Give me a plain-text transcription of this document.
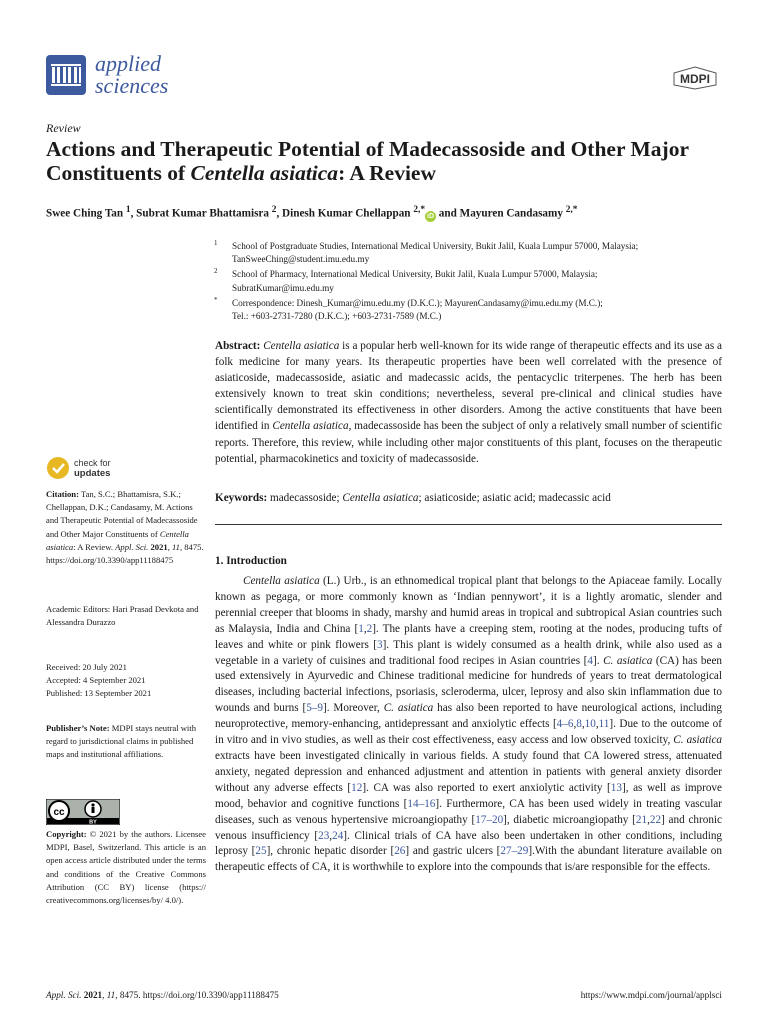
applied
sciences	MDPI
Review
Actions and Therapeutic Potential of Madecassoside and Other Major Constituents of Centella asiatica: A Review
Swee Ching Tan $^1$, Subrat Kumar Bhattamisra $^2$, Dinesh Kumar Chellappan $^{2,*}$iD and Mayuren Candasamy $^{2,*}$
1 School of Postgraduate Studies, International Medical University, Bukit Jalil, Kuala Lumpur 57000, Malaysia;
TanSweeChing@student.imu.edu.my
2 School of Pharmacy, International Medical University, Bukit Jalil, Kuala Lumpur 57000, Malaysia;
SubratKumar@imu.edu.my
* Correspondence: Dinesh_Kumar@imu.edu.my (D.K.C.); MayurenCandasamy@imu.edu.my (M.C.);
Tel.: +603-2731-7280 (D.K.C.); +603-2731-7589 (M.C.)
Abstract: Centella asiatica is a popular herb well-known for its wide range of therapeutic effects and its use as a folk medicine for many years. Its therapeutic properties have been well correlated with the presence of asiaticoside, madecassoside, asiatic and madecassic acids, the pentacyclic triterpenes. The herb has been extensively known to treat skin conditions; nevertheless, several pre-clinical and clinical studies have scientifically demonstrated its effectiveness in other disorders. Among the active constituents that have been identified in Centella asiatica, madecassoside has been the subject of only a relatively small number of scientific reports. Therefore, this review, while including other major constituents of this plant, focuses on the therapeutic potential, pharmacokinetics and toxicity of madecassoside.
Keywords: madecassoside; Centella asiatica; asiaticoside; asiatic acid; madecassic acid
check for
updates
Citation: Tan, S.C.; Bhattamisra, S.K.; Chellappan, D.K.; Candasamy, M. Actions and Therapeutic Potential of Madecassoside and Other Major Constituents of Centella asiatica: A Review. Appl. Sci. 2021, 11, 8475. https://doi.org/10.3390/app11188475
Academic Editors: Hari Prasad Devkota and Alessandra Durazzo
Received: 20 July 2021
Accepted: 4 September 2021
Published: 13 September 2021
Publisher’s Note: MDPI stays neutral with regard to jurisdictional claims in published maps and institutional affiliations.
cc
BY
Copyright: © 2021 by the authors. Licensee MDPI, Basel, Switzerland. This article is an open access article distributed under the terms and conditions of the Creative Commons Attribution (CC BY) license (https:// creativecommons.org/licenses/by/ 4.0/).
1. Introduction
Centella asiatica (L.) Urb., is an ethnomedical tropical plant that belongs to the Apiaceae family. Locally known as pegaga, or more commonly known as ‘Indian pennywort’, it is a lightly aromatic, slender and perennial creeper that blooms in shady, marshy and humid areas in tropical and subtropical Asian countries such as Malaysia, India and China [1,2]. The plants have a creeping stem, rooting at the nodes, producing tufts of leaves and white or pink flowers [3]. This plant is widely consumed as a health drink, while also used as a vegetable in a variety of cuisines and traditional food recipes in Asian countries [4]. C. asiatica (CA) has been used extensively in Ayurvedic and Chinese traditional medicine for hundreds of years to treat dermatological diseases, including bacterial infections, psoriasis, scleroderma, ulcer, leprosy and also skin inflammation due to wounds and burns [5–9]. Moreover, C. asiatica has also been reported to have neurological actions, including neuroprotective, memory-enhancing, antidepressant and anxiolytic effects [4–6,8,10,11]. Due to the outcome of in vitro and in vivo studies, as well as their cost effectiveness, easy access and low observed toxicity, C. asiatica extracts have been investigated clinically in various fields. A study found that CA lowered stress, attenuated anxiety, negated depression and enhanced adjustment and attention in patients with general anxiety disorder without any adverse effects [12]. CA was also reported to exert anxiolytic activity [13], as well as improve mood, behavior and cognitive functions [14–16]. Furthermore, CA has been used widely in treating vascular diseases, such as venous hypertensive microangiopathy [17–20], diabetic microangiopathy [21,22] and chronic venous insufficiency [23,24]. Clinical trials of CA have also been undertaken in other conditions, including leprosy [25], chronic hepatic disorder [26] and gastric ulcers [27–29].With the abundant literature available on therapeutic effects of CA, it is worthwhile to explore into the compounds that is/are responsible for the effects.
Appl. Sci. 2021, 11, 8475. https://doi.org/10.3390/app11188475	https://www.mdpi.com/journal/applsci
